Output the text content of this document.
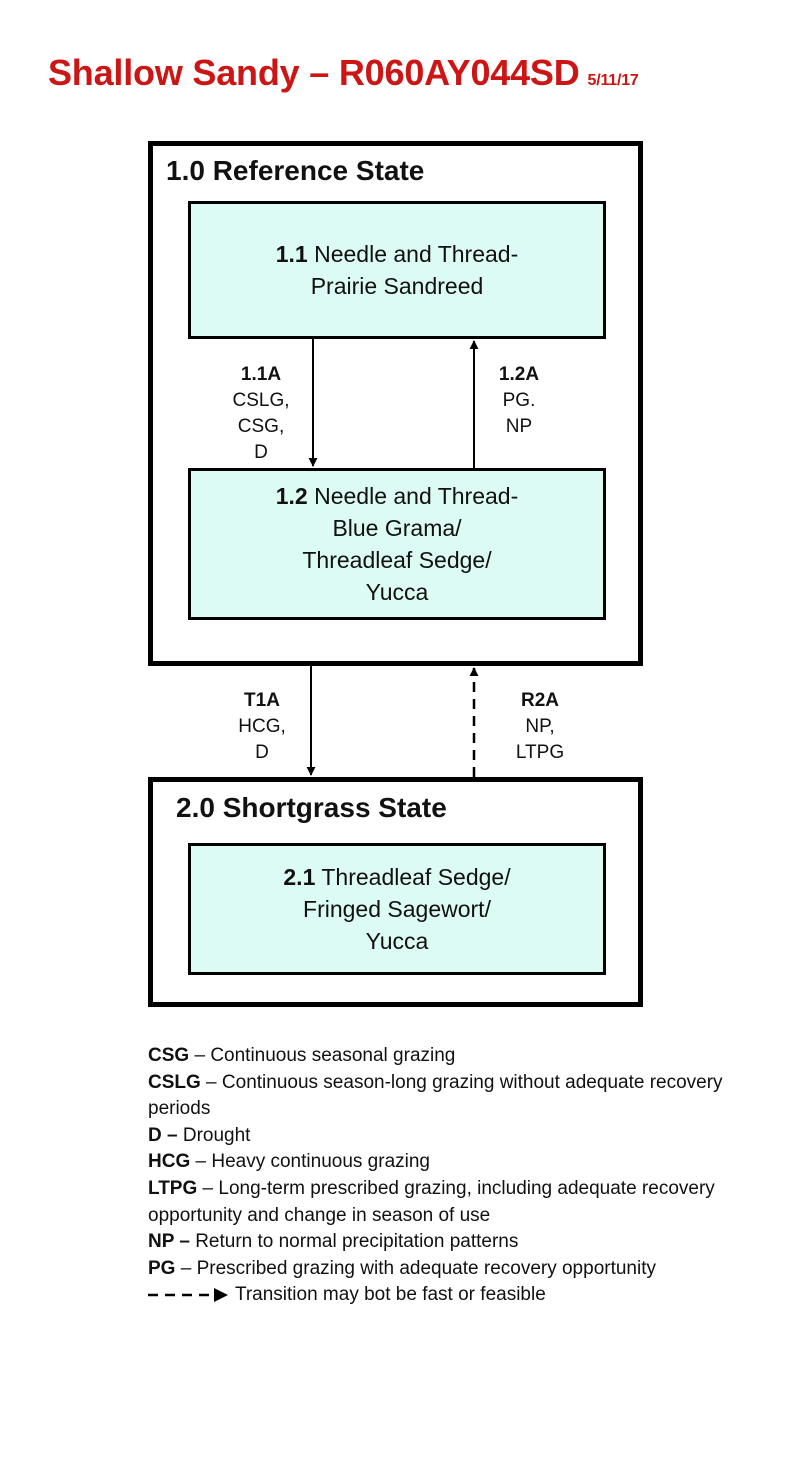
Shallow Sandy – R060AY044SD 5/11/17
1.0 Reference State
1.1 Needle and Thread-
Prairie Sandreed
1.2 Needle and Thread-
Blue Grama/
Threadleaf Sedge/
Yucca
2.0 Shortgrass State
2.1 Threadleaf Sedge/
Fringed Sagewort/
Yucca
1.1A
CSLG,
CSG,
D
1.2A
PG.
NP
T1A
HCG,
D
R2A
NP,
LTPG

CSG – Continuous seasonal grazing

CSLG – Continuous season-long grazing without adequate recovery periods

D – Drought

HCG – Heavy continuous grazing

LTPG – Long-term prescribed grazing, including adequate recovery opportunity and change in season of use

NP – Return to normal precipitation patterns

PG – Prescribed grazing with adequate recovery opportunity

Transition may bot be fast or feasible
